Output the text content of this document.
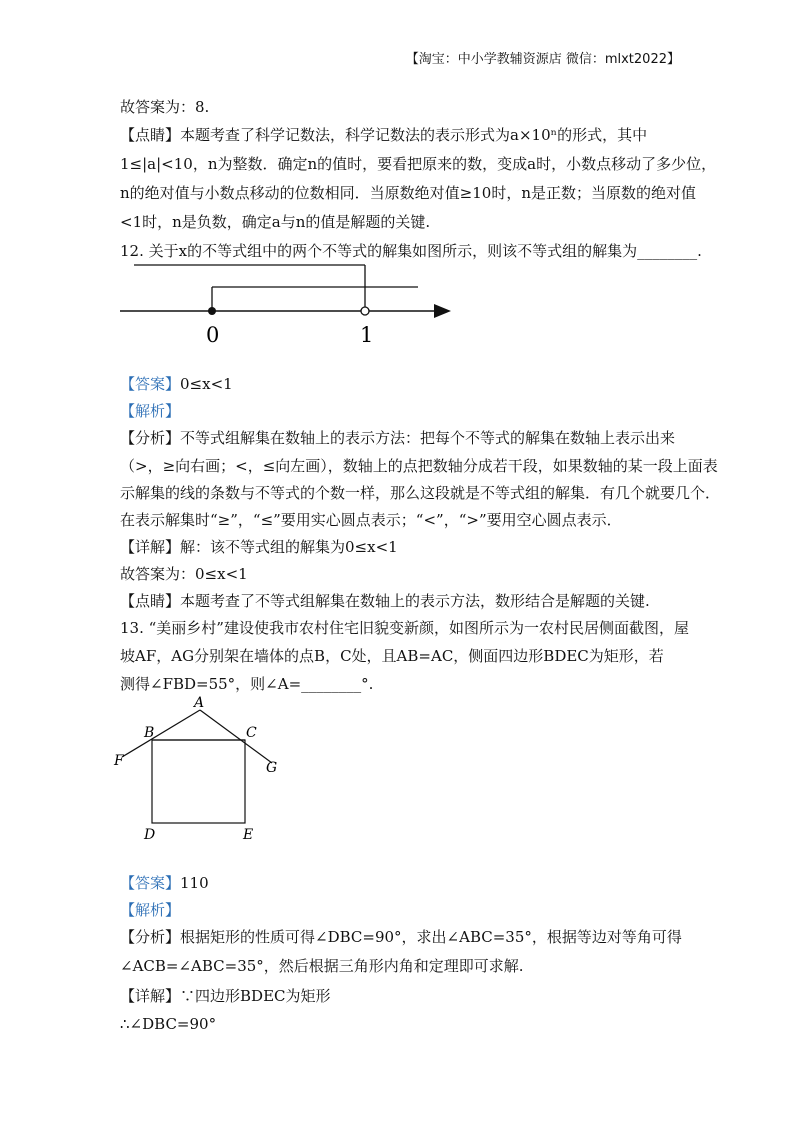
【淘宝：中小学教辅资源店 微信：mlxt2022】
故答案为：8.
【点睛】本题考查了科学记数法，科学记数法的表示形式为a×10ⁿ的形式，其中
1≤|a|<10，n为整数．确定n的值时，要看把原来的数，变成a时，小数点移动了多少位，
n的绝对值与小数点移动的位数相同．当原数绝对值≥10时，n是正数；当原数的绝对值
<1时，n是负数，确定a与n的值是解题的关键.
12. 关于x的不等式组中的两个不等式的解集如图所示，则该不等式组的解集为________.
0	1
【答案】0≤x<1
【解析】
【分析】不等式组解集在数轴上的表示方法：把每个不等式的解集在数轴上表示出来
（>，≥向右画；<，≤向左画），数轴上的点把数轴分成若干段，如果数轴的某一段上面表
示解集的线的条数与不等式的个数一样，那么这段就是不等式组的解集．有几个就要几个．
在表示解集时“≥”，“≤”要用实心圆点表示；“<”，“>”要用空心圆点表示．
【详解】解：该不等式组的解集为0≤x<1
故答案为：0≤x<1
【点睛】本题考查了不等式组解集在数轴上的表示方法，数形结合是解题的关键.
13. “美丽乡村”建设使我市农村住宅旧貌变新颜，如图所示为一农村民居侧面截图，屋
坡AF，AG分别架在墙体的点B，C处，且AB=AC，侧面四边形BDEC为矩形，若
测得∠FBD=55°，则∠A=________°.
A
B	C
F	G
D	E
【答案】110
【解析】
【分析】根据矩形的性质可得∠DBC=90°，求出∠ABC=35°，根据等边对等角可得
∠ACB=∠ABC=35°，然后根据三角形内角和定理即可求解.
【详解】∵四边形BDEC为矩形
∴∠DBC=90°
